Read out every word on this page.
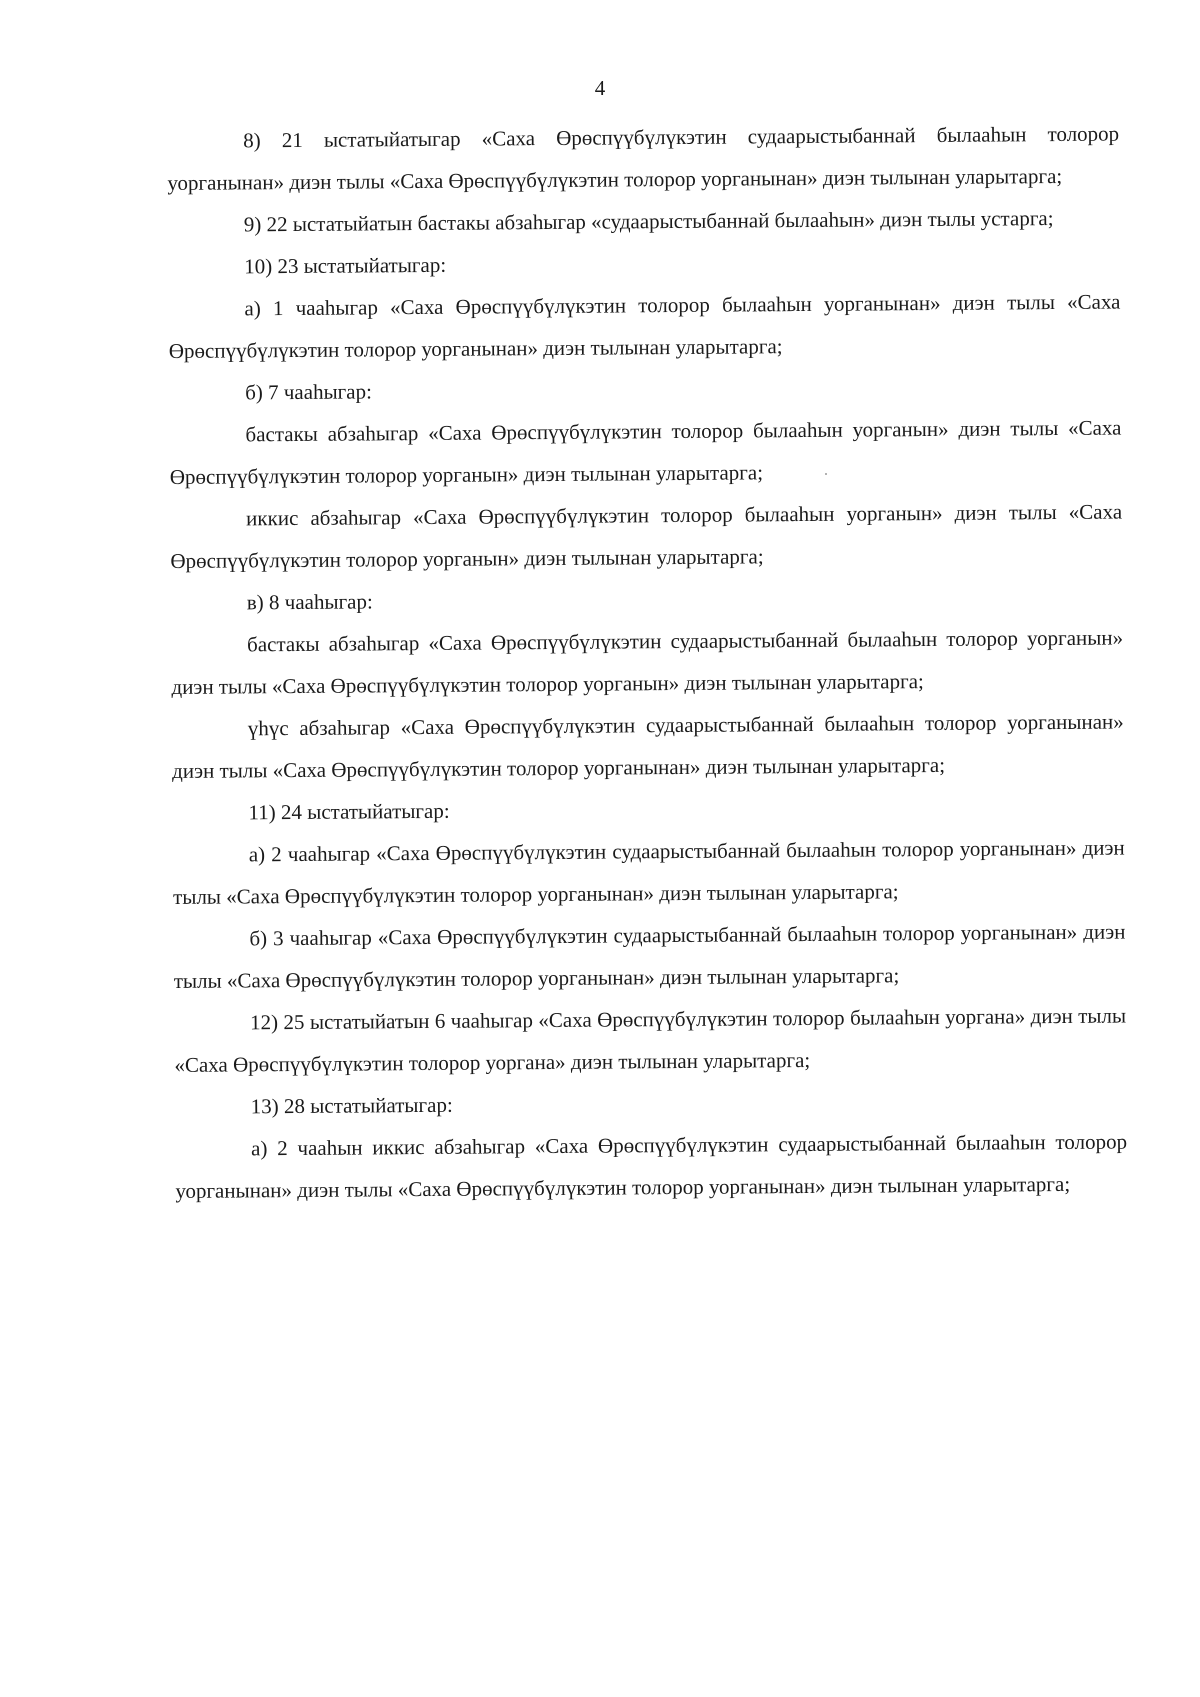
4

8) 21 ыстатыйатыгар «Саха Өрөспүүбүлүкэтин судаарыстыбаннай былааһын толорор уорганынан» диэн тылы «Саха Өрөспүүбүлүкэтин толорор уорганынан» диэн тылынан уларытарга;

9) 22 ыстатыйатын бастакы абзаһыгар «судаарыстыбаннай былааһын» диэн тылы устарга;

10) 23 ыстатыйатыгар:

а) 1 чааһыгар «Саха Өрөспүүбүлүкэтин толорор былааһын уорганынан» диэн тылы «Саха Өрөспүүбүлүкэтин толорор уорганынан» диэн тылынан уларытарга;

б) 7 чааһыгар:

бастакы абзаһыгар «Саха Өрөспүүбүлүкэтин толорор былааһын уорганын» диэн тылы «Саха Өрөспүүбүлүкэтин толорор уорганын» диэн тылынан уларытарга;

иккис абзаһыгар «Саха Өрөспүүбүлүкэтин толорор былааһын уорганын» диэн тылы «Саха Өрөспүүбүлүкэтин толорор уорганын» диэн тылынан уларытарга;

в) 8 чааһыгар:

бастакы абзаһыгар «Саха Өрөспүүбүлүкэтин судаарыстыбаннай былааһын толорор уорганын» диэн тылы «Саха Өрөспүүбүлүкэтин толорор уорганын» диэн тылынан уларытарга;

үһүс абзаһыгар «Саха Өрөспүүбүлүкэтин судаарыстыбаннай былааһын толорор уорганынан» диэн тылы «Саха Өрөспүүбүлүкэтин толорор уорганынан» диэн тылынан уларытарга;

11) 24 ыстатыйатыгар:

а) 2 чааһыгар «Саха Өрөспүүбүлүкэтин судаарыстыбаннай былааһын толорор уорганынан» диэн тылы «Саха Өрөспүүбүлүкэтин толорор уорганынан» диэн тылынан уларытарга;

б) 3 чааһыгар «Саха Өрөспүүбүлүкэтин судаарыстыбаннай былааһын толорор уорганынан» диэн тылы «Саха Өрөспүүбүлүкэтин толорор уорганынан» диэн тылынан уларытарга;

12) 25 ыстатыйатын 6 чааһыгар «Саха Өрөспүүбүлүкэтин толорор былааһын уоргана» диэн тылы «Саха Өрөспүүбүлүкэтин толорор уоргана» диэн тылынан уларытарга;

13) 28 ыстатыйатыгар:

а) 2 чааһын иккис абзаһыгар «Саха Өрөспүүбүлүкэтин судаарыстыбаннай былааһын толорор уорганынан» диэн тылы «Саха Өрөспүүбүлүкэтин толорор уорганынан» диэн тылынан уларытарга;
